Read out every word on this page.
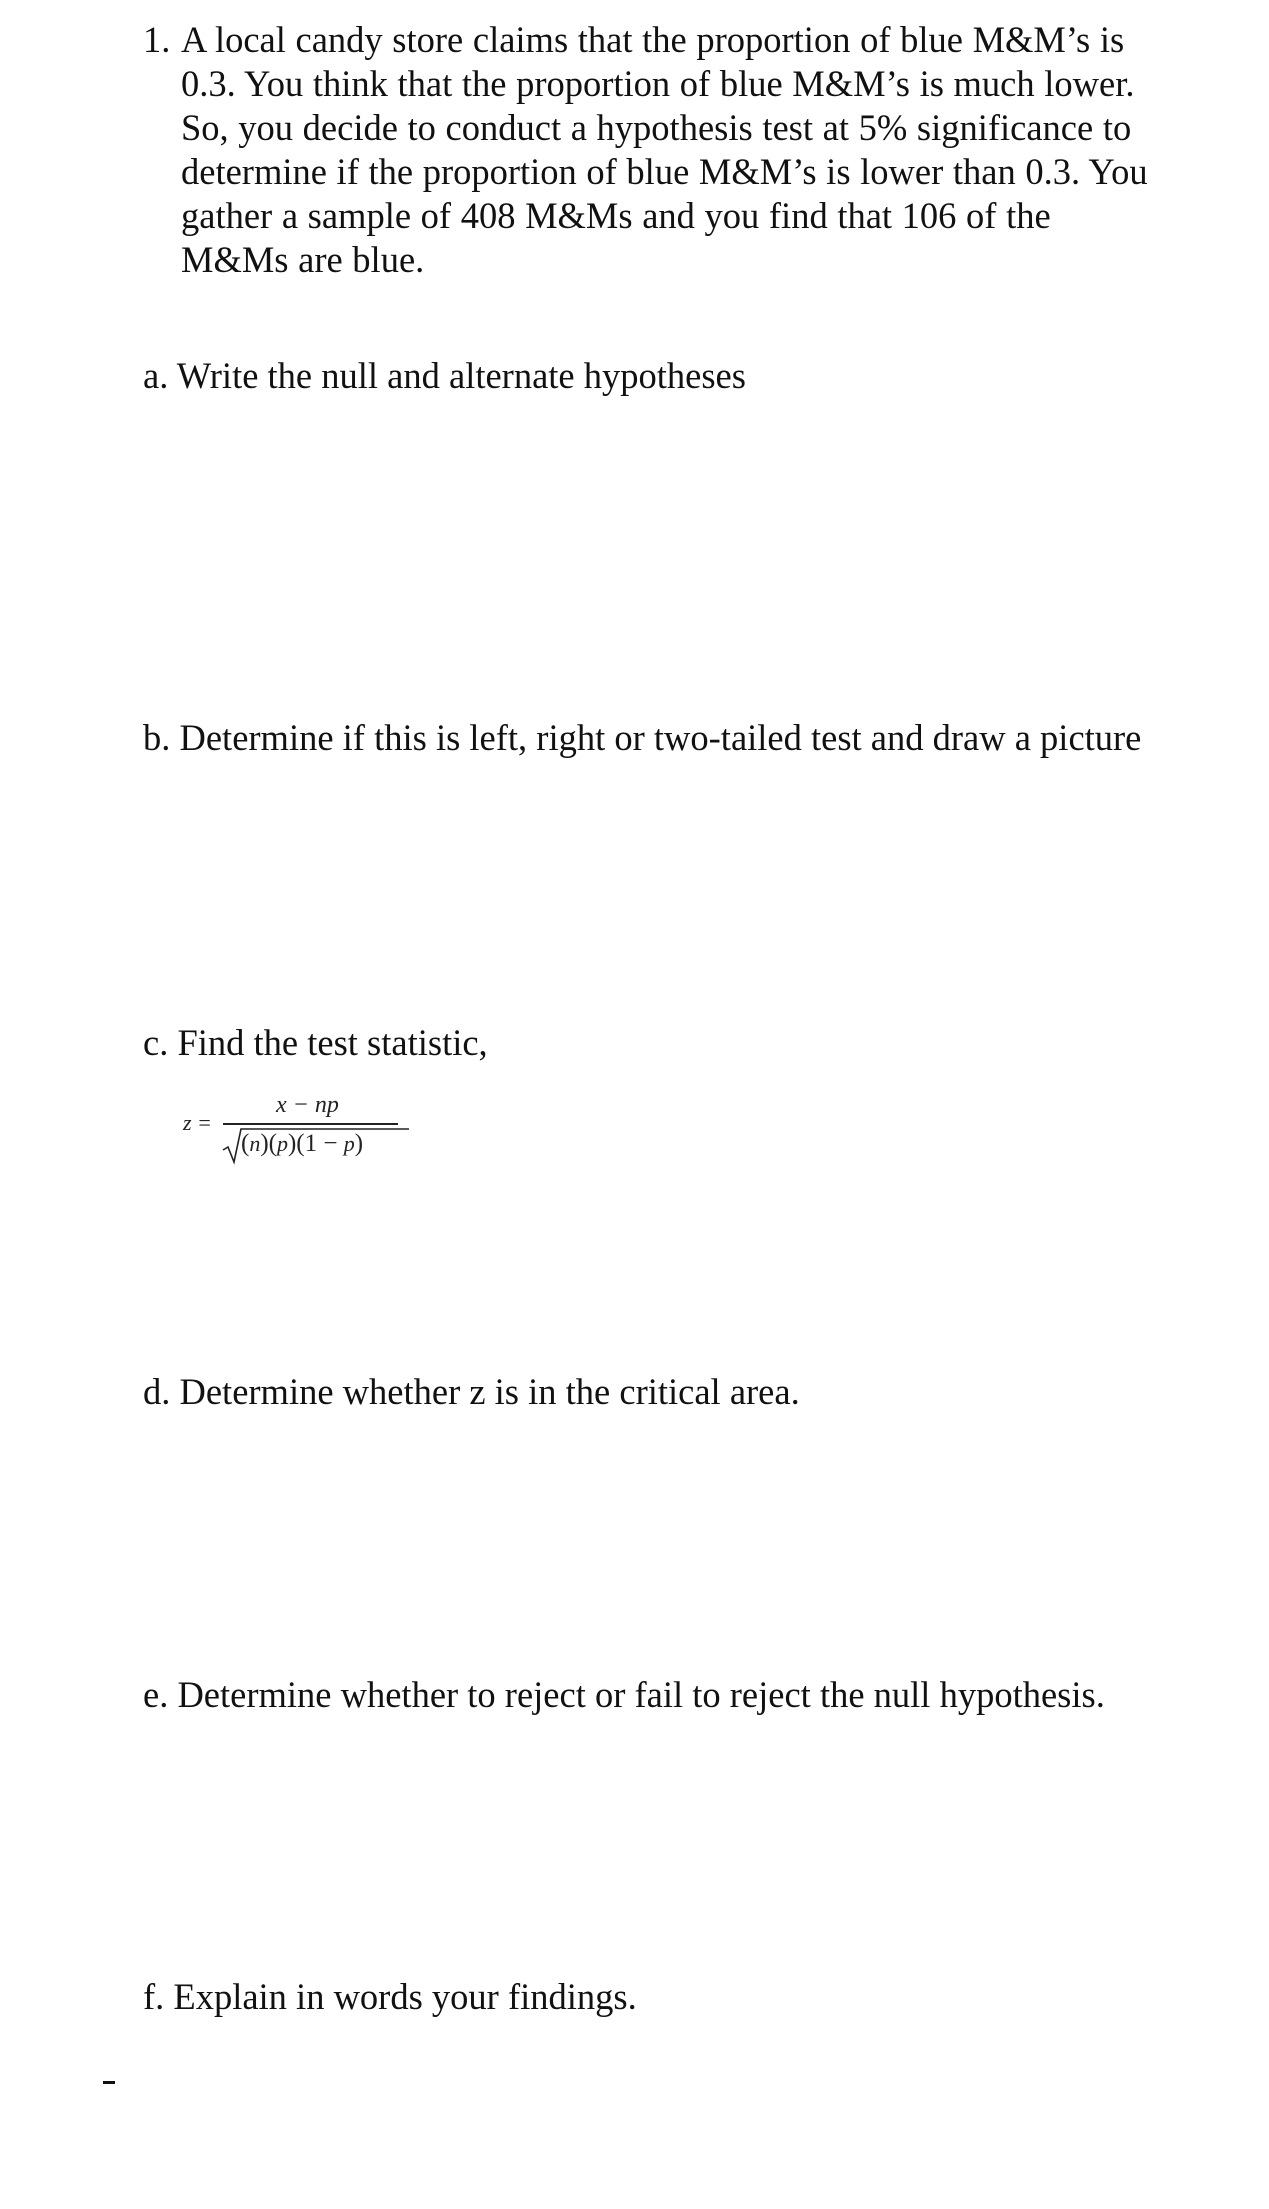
1. A local candy store claims that the proportion of blue M&M’s is
0.3. You think that the proportion of blue M&M’s is much lower.
So, you decide to conduct a hypothesis test at 5% significance to
determine if the proportion of blue M&M’s is lower than 0.3. You
gather a sample of 408 M&Ms and you find that 106 of the
M&Ms are blue.
a. Write the null and alternate hypotheses
b. Determine if this is left, right or two-tailed test and draw a picture
c. Find the test statistic,
z =
x − np
(n)(p)(1 − p)
d. Determine whether z is in the critical area.
e. Determine whether to reject or fail to reject the null hypothesis.
f. Explain in words your findings.
